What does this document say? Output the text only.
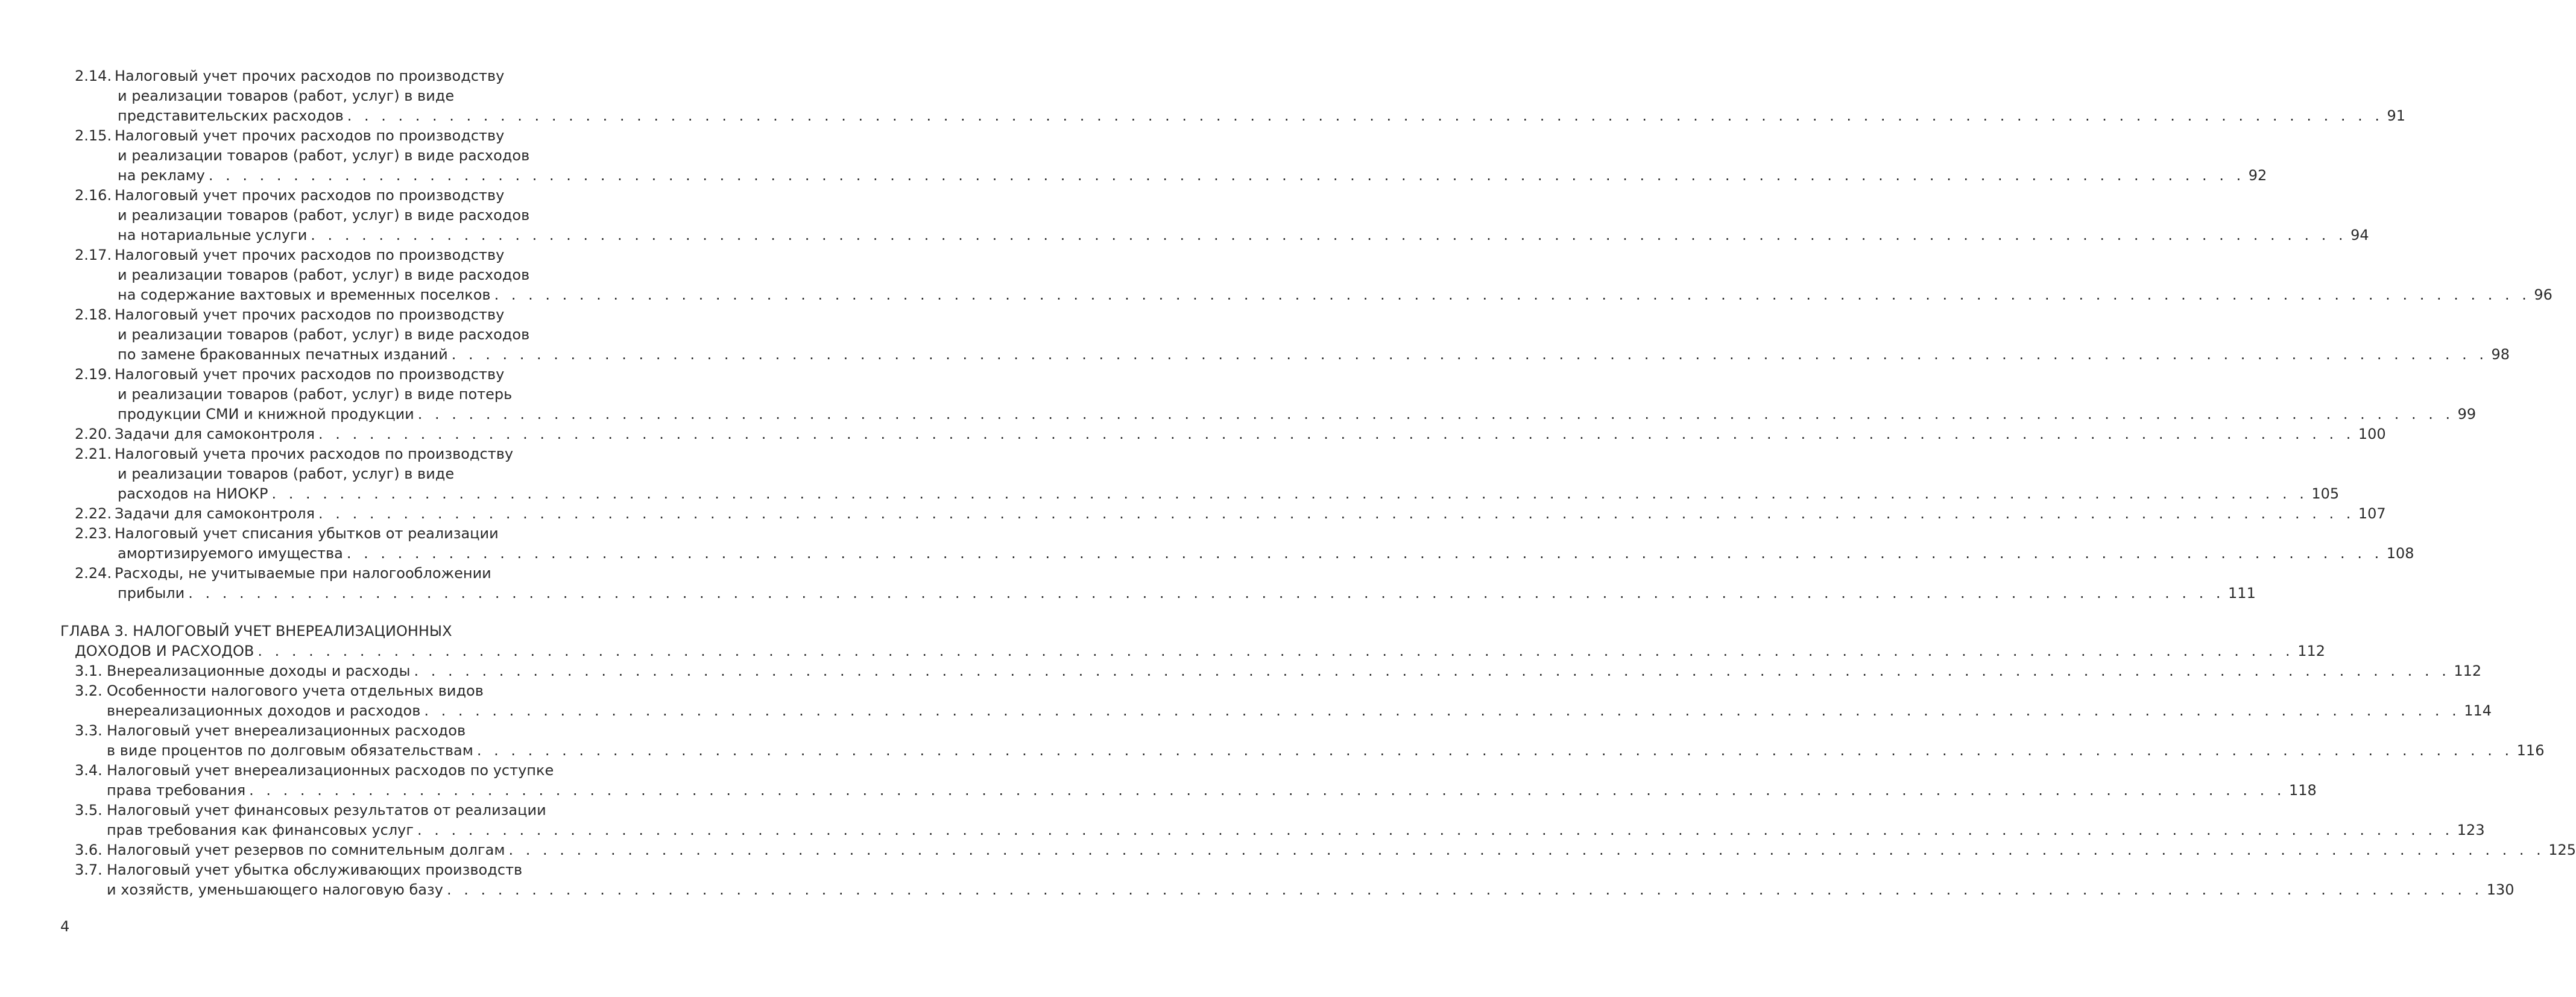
2.14. Налоговый учет прочих расходов по производству
и реализации товаров (работ, услуг) в виде
представительских расходов . . . . . . . . . . . . . . . . . . . . . . . . . . . . . . . . . . . . . . . . . . . . . . . . . . . . . . . . . . . . . . . . . . . . . . . . . . . . . . . . . . . . . . . . . . . . . . . . . . . . . . . . . . . . . . . . . . . . . . . . 91
2.15. Налоговый учет прочих расходов по производству
и реализации товаров (работ, услуг) в виде расходов
на рекламу . . . . . . . . . . . . . . . . . . . . . . . . . . . . . . . . . . . . . . . . . . . . . . . . . . . . . . . . . . . . . . . . . . . . . . . . . . . . . . . . . . . . . . . . . . . . . . . . . . . . . . . . . . . . . . . . . . . . . . . . 92
2.16. Налоговый учет прочих расходов по производству
и реализации товаров (работ, услуг) в виде расходов
на нотариальные услуги . . . . . . . . . . . . . . . . . . . . . . . . . . . . . . . . . . . . . . . . . . . . . . . . . . . . . . . . . . . . . . . . . . . . . . . . . . . . . . . . . . . . . . . . . . . . . . . . . . . . . . . . . . . . . . . . . . . . . . . . 94
2.17. Налоговый учет прочих расходов по производству
и реализации товаров (работ, услуг) в виде расходов
на содержание вахтовых и временных поселков . . . . . . . . . . . . . . . . . . . . . . . . . . . . . . . . . . . . . . . . . . . . . . . . . . . . . . . . . . . . . . . . . . . . . . . . . . . . . . . . . . . . . . . . . . . . . . . . . . . . . . . . . . . . . . . . . . . . . . . . 96
2.18. Налоговый учет прочих расходов по производству
и реализации товаров (работ, услуг) в виде расходов
по замене бракованных печатных изданий . . . . . . . . . . . . . . . . . . . . . . . . . . . . . . . . . . . . . . . . . . . . . . . . . . . . . . . . . . . . . . . . . . . . . . . . . . . . . . . . . . . . . . . . . . . . . . . . . . . . . . . . . . . . . . . . . . . . . . . . 98
2.19. Налоговый учет прочих расходов по производству
и реализации товаров (работ, услуг) в виде потерь
продукции СМИ и книжной продукции . . . . . . . . . . . . . . . . . . . . . . . . . . . . . . . . . . . . . . . . . . . . . . . . . . . . . . . . . . . . . . . . . . . . . . . . . . . . . . . . . . . . . . . . . . . . . . . . . . . . . . . . . . . . . . . . . . . . . . . . 99
2.20. Задачи для самоконтроля . . . . . . . . . . . . . . . . . . . . . . . . . . . . . . . . . . . . . . . . . . . . . . . . . . . . . . . . . . . . . . . . . . . . . . . . . . . . . . . . . . . . . . . . . . . . . . . . . . . . . . . . . . . . . . . . . . . . . . . . 100
2.21. Налоговый учета прочих расходов по производству
и реализации товаров (работ, услуг) в виде
расходов на НИОКР . . . . . . . . . . . . . . . . . . . . . . . . . . . . . . . . . . . . . . . . . . . . . . . . . . . . . . . . . . . . . . . . . . . . . . . . . . . . . . . . . . . . . . . . . . . . . . . . . . . . . . . . . . . . . . . . . . . . . . . . 105
2.22. Задачи для самоконтроля . . . . . . . . . . . . . . . . . . . . . . . . . . . . . . . . . . . . . . . . . . . . . . . . . . . . . . . . . . . . . . . . . . . . . . . . . . . . . . . . . . . . . . . . . . . . . . . . . . . . . . . . . . . . . . . . . . . . . . . . 107
2.23. Налоговый учет списания убытков от реализации
амортизируемого имущества . . . . . . . . . . . . . . . . . . . . . . . . . . . . . . . . . . . . . . . . . . . . . . . . . . . . . . . . . . . . . . . . . . . . . . . . . . . . . . . . . . . . . . . . . . . . . . . . . . . . . . . . . . . . . . . . . . . . . . . . 108
2.24. Расходы, не учитываемые при налогообложении
прибыли . . . . . . . . . . . . . . . . . . . . . . . . . . . . . . . . . . . . . . . . . . . . . . . . . . . . . . . . . . . . . . . . . . . . . . . . . . . . . . . . . . . . . . . . . . . . . . . . . . . . . . . . . . . . . . . . . . . . . . . . 111
ГЛАВА 3. НАЛОГОВЫЙ УЧЕТ ВНЕРЕАЛИЗАЦИОННЫХ
ДОХОДОВ И РАСХОДОВ . . . . . . . . . . . . . . . . . . . . . . . . . . . . . . . . . . . . . . . . . . . . . . . . . . . . . . . . . . . . . . . . . . . . . . . . . . . . . . . . . . . . . . . . . . . . . . . . . . . . . . . . . . . . . . . . . . . . . . . . 112
3.1. Внереализационные доходы и расходы . . . . . . . . . . . . . . . . . . . . . . . . . . . . . . . . . . . . . . . . . . . . . . . . . . . . . . . . . . . . . . . . . . . . . . . . . . . . . . . . . . . . . . . . . . . . . . . . . . . . . . . . . . . . . . . . . . . . . . . . 112
3.2. Особенности налогового учета отдельных видов
внереализационных доходов и расходов . . . . . . . . . . . . . . . . . . . . . . . . . . . . . . . . . . . . . . . . . . . . . . . . . . . . . . . . . . . . . . . . . . . . . . . . . . . . . . . . . . . . . . . . . . . . . . . . . . . . . . . . . . . . . . . . . . . . . . . . 114
3.3. Налоговый учет внереализационных расходов
в виде процентов по долговым обязательствам . . . . . . . . . . . . . . . . . . . . . . . . . . . . . . . . . . . . . . . . . . . . . . . . . . . . . . . . . . . . . . . . . . . . . . . . . . . . . . . . . . . . . . . . . . . . . . . . . . . . . . . . . . . . . . . . . . . . . . . . 116
3.4. Налоговый учет внереализационных расходов по уступке
права требования . . . . . . . . . . . . . . . . . . . . . . . . . . . . . . . . . . . . . . . . . . . . . . . . . . . . . . . . . . . . . . . . . . . . . . . . . . . . . . . . . . . . . . . . . . . . . . . . . . . . . . . . . . . . . . . . . . . . . . . . 118
3.5. Налоговый учет финансовых результатов от реализации
прав требования как финансовых услуг . . . . . . . . . . . . . . . . . . . . . . . . . . . . . . . . . . . . . . . . . . . . . . . . . . . . . . . . . . . . . . . . . . . . . . . . . . . . . . . . . . . . . . . . . . . . . . . . . . . . . . . . . . . . . . . . . . . . . . . . 123
3.6. Налоговый учет резервов по сомнительным долгам . . . . . . . . . . . . . . . . . . . . . . . . . . . . . . . . . . . . . . . . . . . . . . . . . . . . . . . . . . . . . . . . . . . . . . . . . . . . . . . . . . . . . . . . . . . . . . . . . . . . . . . . . . . . . . . . . . . . . . . . 125
3.7. Налоговый учет убытка обслуживающих производств
и хозяйств, уменьшающего налоговую базу . . . . . . . . . . . . . . . . . . . . . . . . . . . . . . . . . . . . . . . . . . . . . . . . . . . . . . . . . . . . . . . . . . . . . . . . . . . . . . . . . . . . . . . . . . . . . . . . . . . . . . . . . . . . . . . . . . . . . . . . 130
4
